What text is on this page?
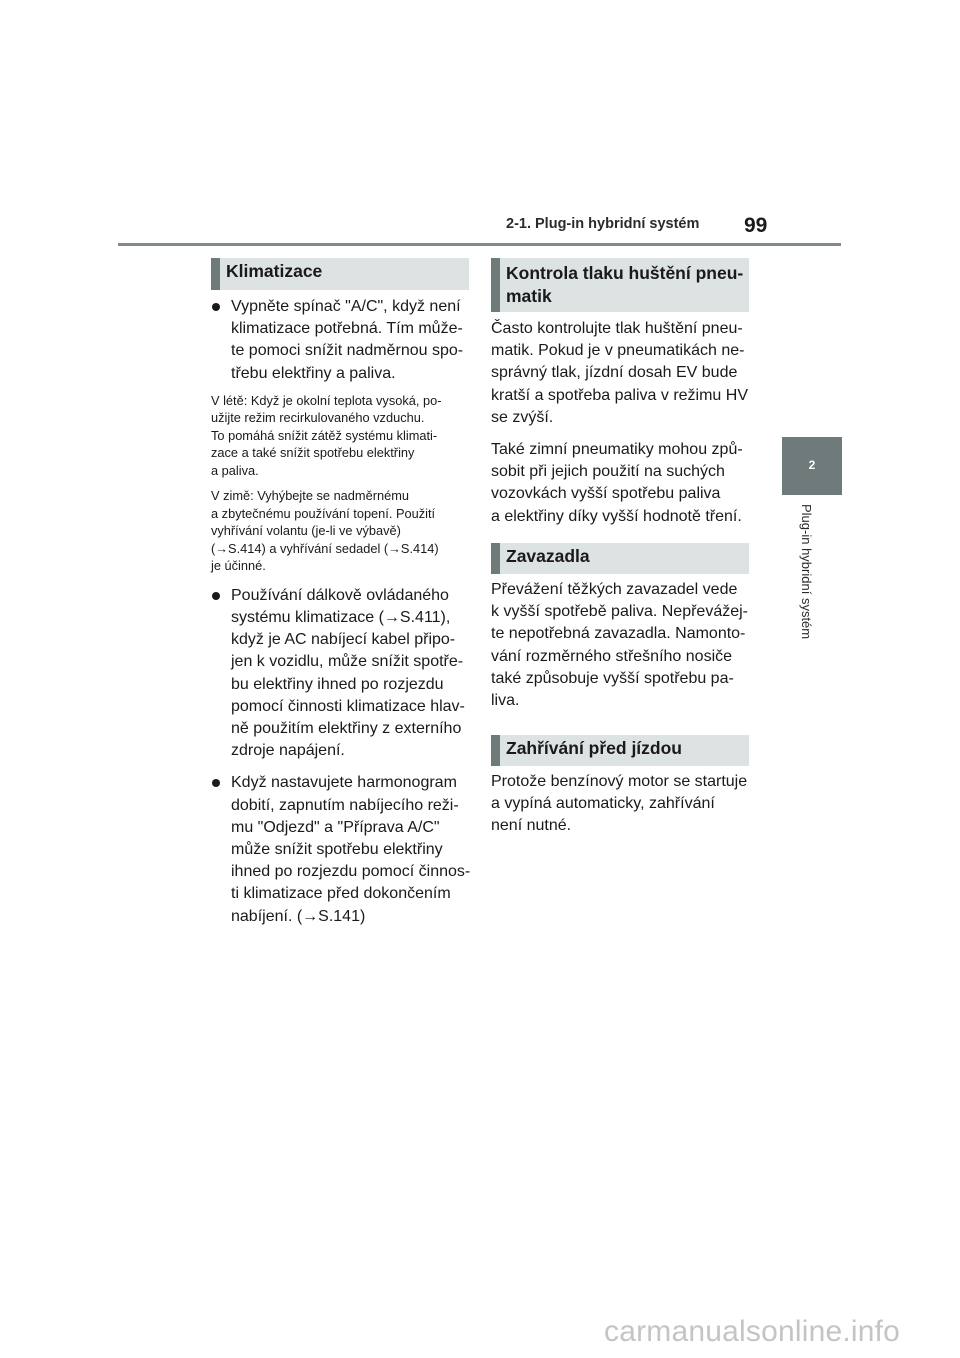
2-1. Plug-in hybridní systém 99
2
Plug-in hybridní systém
Klimatizace
Vypněte spínač "A/C", když není
klimatizace potřebná. Tím může-
te pomoci snížit nadměrnou spo-
třebu elektřiny a paliva.
V létě: Když je okolní teplota vysoká, po-
užijte režim recirkulovaného vzduchu.
To pomáhá snížit zátěž systému klimati-
zace a také snížit spotřebu elektřiny
a paliva.
V zimě: Vyhýbejte se nadměrnému
a zbytečnému používání topení. Použití
vyhřívání volantu (je-li ve výbavě)
(→S.414) a vyhřívání sedadel (→S.414)
je účinné.
Používání dálkově ovládaného
systému klimatizace (→S.411),
když je AC nabíjecí kabel připo-
jen k vozidlu, může snížit spotře-
bu elektřiny ihned po rozjezdu
pomocí činnosti klimatizace hlav-
ně použitím elektřiny z externího
zdroje napájení.
Když nastavujete harmonogram
dobití, zapnutím nabíjecího reži-
mu "Odjezd" a "Příprava A/C"
může snížit spotřebu elektřiny
ihned po rozjezdu pomocí činnos-
ti klimatizace před dokončením
nabíjení. (→S.141)
Kontrola tlaku huštění pneu-
matik
Často kontrolujte tlak huštění pneu-
matik. Pokud je v pneumatikách ne-
správný tlak, jízdní dosah EV bude
kratší a spotřeba paliva v režimu HV
se zvýší.
Také zimní pneumatiky mohou způ-
sobit při jejich použití na suchých
vozovkách vyšší spotřebu paliva
a elektřiny díky vyšší hodnotě tření.
Zavazadla
Převážení těžkých zavazadel vede
k vyšší spotřebě paliva. Nepřevážej-
te nepotřebná zavazadla. Namonto-
vání rozměrného střešního nosiče
také způsobuje vyšší spotřebu pa-
liva.
Zahřívání před jízdou
Protože benzínový motor se startuje
a vypíná automaticky, zahřívání
není nutné.
carmanualsonline.info
